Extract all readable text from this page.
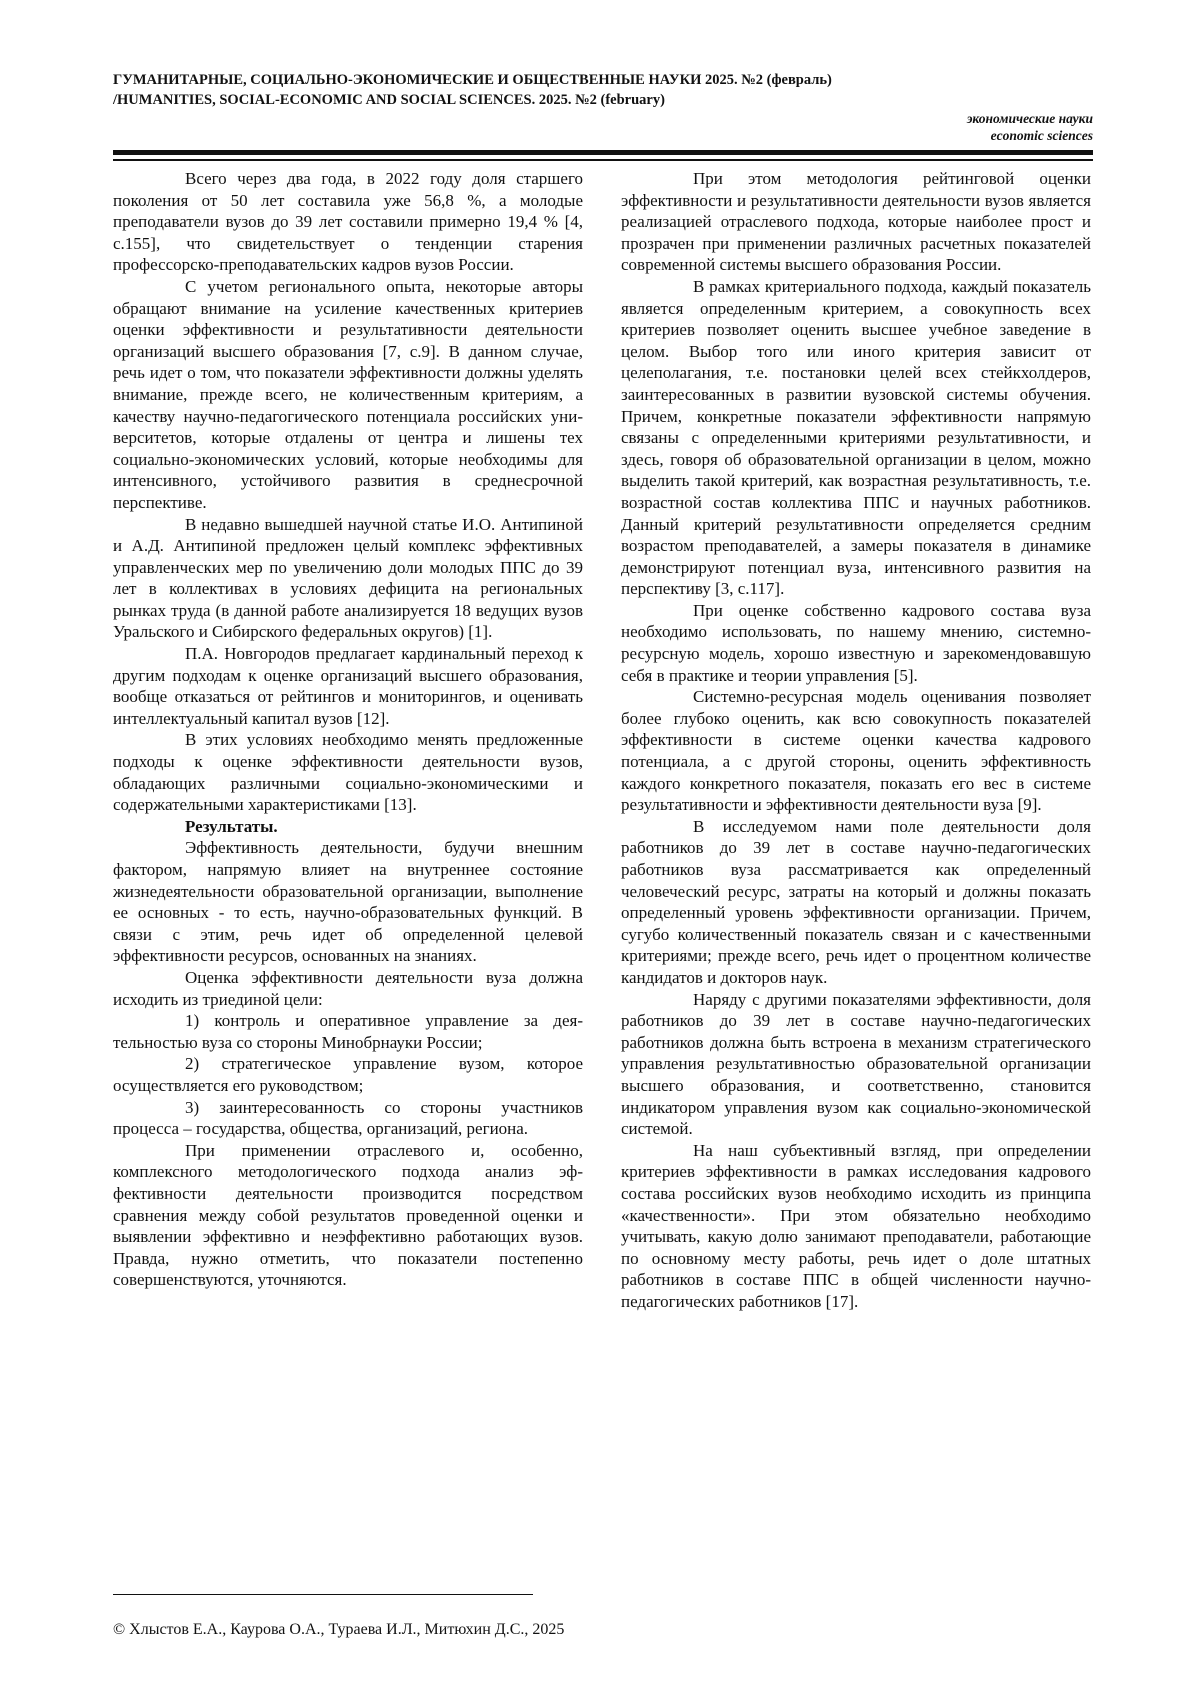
ГУМАНИТАРНЫЕ, СОЦИАЛЬНО-ЭКОНОМИЧЕСКИЕ И ОБЩЕСТВЕННЫЕ НАУКИ 2025. №2 (февраль)
/HUMANITIES, SOCIAL-ECONOMIC AND SOCIAL SCIENCES. 2025. №2 (february)
экономические науки
economic sciences

Всего через два года, в 2022 году доля старшего поколения от 50 лет составила уже 56,8 %, а молодые преподаватели вузов до 39 лет составили примерно 19,4 % [4, с.155], что свидетельствует о тенденции старения профессорско-преподавательских кадров вузов России.

С учетом регионального опыта, некоторые авторы обращают внимание на усиление качественных критериев оценки эффективности и результативности деятельности организаций высшего образования [7, с.9]. В данном случае, речь идет о том, что показатели эффективности должны уделять внимание, прежде всего, не количественным критериям, а качеству научно-педагогического потенциала российских университетов, которые отдалены от центра и лишены тех социально-экономических условий, которые необходимы для интенсивного, устойчивого развития в среднесрочной перспективе.

В недавно вышедшей научной статье И.О. Антипиной и А.Д. Антипиной предложен целый комплекс эффективных управленческих мер по увеличению доли молодых ППС до 39 лет в коллективах в условиях дефицита на региональных рынках труда (в данной работе анализируется 18 ведущих вузов Уральского и Сибирского федеральных округов) [1].

П.А. Новгородов предлагает кардинальный переход к другим подходам к оценке организаций высшего образования, вообще отказаться от рейтингов и мониторингов, и оценивать интеллектуальный капитал вузов [12].

В этих условиях необходимо менять предложенные подходы к оценке эффективности деятельности вузов, обладающих различными социально-экономическими и содержательными характеристиками [13].

Результаты.

Эффективность деятельности, будучи внешним фактором, напрямую влияет на внутреннее состояние жизнедеятельности образовательной организации, выполнение ее основных - то есть, научно-образовательных функций. В связи с этим, речь идет об определенной целевой эффективности ресурсов, основанных на знаниях.

Оценка эффективности деятельности вуза должна исходить из триединой цели:

1) контроль и оперативное управление за деятельностью вуза со стороны Минобрнауки России;

2) стратегическое управление вузом, которое осуществляется его руководством;

3) заинтересованность со стороны участников процесса – государства, общества, организаций, региона.

При применении отраслевого и, особенно, комплексного методологического подхода анализ эффективности деятельности производится посредством сравнения между собой результатов проведенной оценки и выявлении эффективно и неэффективно работающих вузов. Правда, нужно отметить, что показатели постепенно совершенствуются, уточняются.

При этом методология рейтинговой оценки эффективности и результативности деятельности вузов является реализацией отраслевого подхода, которые наиболее прост и прозрачен при применении различных расчетных показателей современной системы высшего образования России.

В рамках критериального подхода, каждый показатель является определенным критерием, а совокупность всех критериев позволяет оценить высшее учебное заведение в целом. Выбор того или иного критерия зависит от целеполагания, т.е. постановки целей всех стейкхолдеров, заинтересованных в развитии вузовской системы обучения. Причем, конкретные показатели эффективности напрямую связаны с определенными критериями результативности, и здесь, говоря об образовательной организации в целом, можно выделить такой критерий, как возрастная результативность, т.е. возрастной состав коллектива ППС и научных работников. Данный критерий результативности определяется средним возрастом преподавателей, а замеры показателя в динамике демонстрируют потенциал вуза, интенсивного развития на перспективу [3, с.117].

При оценке собственно кадрового состава вуза необходимо использовать, по нашему мнению, системно-ресурсную модель, хорошо известную и зарекомендовавшую себя в практике и теории управления [5].

Системно-ресурсная модель оценивания позволяет более глубоко оценить, как всю совокупность показателей эффективности в системе оценки качества кадрового потенциала, а с другой стороны, оценить эффективность каждого конкретного показателя, показать его вес в системе результативности и эффективности деятельности вуза [9].

В исследуемом нами поле деятельности доля работников до 39 лет в составе научно-педагогических работников вуза рассматривается как определенный человеческий ресурс, затраты на который и должны показать определенный уровень эффективности организации. Причем, сугубо количественный показатель связан и с качественными критериями; прежде всего, речь идет о процентном количестве кандидатов и докторов наук.

Наряду с другими показателями эффективности, доля работников до 39 лет в составе научно-педагогических работников должна быть встроена в механизм стратегического управления результативностью образовательной организации высшего образования, и соответственно, становится индикатором управления вузом как социально-экономической системой.

На наш субъективный взгляд, при определении критериев эффективности в рамках исследования кадрового состава российских вузов необходимо исходить из принципа «качественности». При этом обязательно необходимо учитывать, какую долю занимают преподаватели, работающие по основному месту работы, речь идет о доле штатных работников в составе ППС в общей численности научно-педагогических работников [17].

© Хлыстов Е.А., Каурова О.А., Тураева И.Л., Митюхин Д.С., 2025
